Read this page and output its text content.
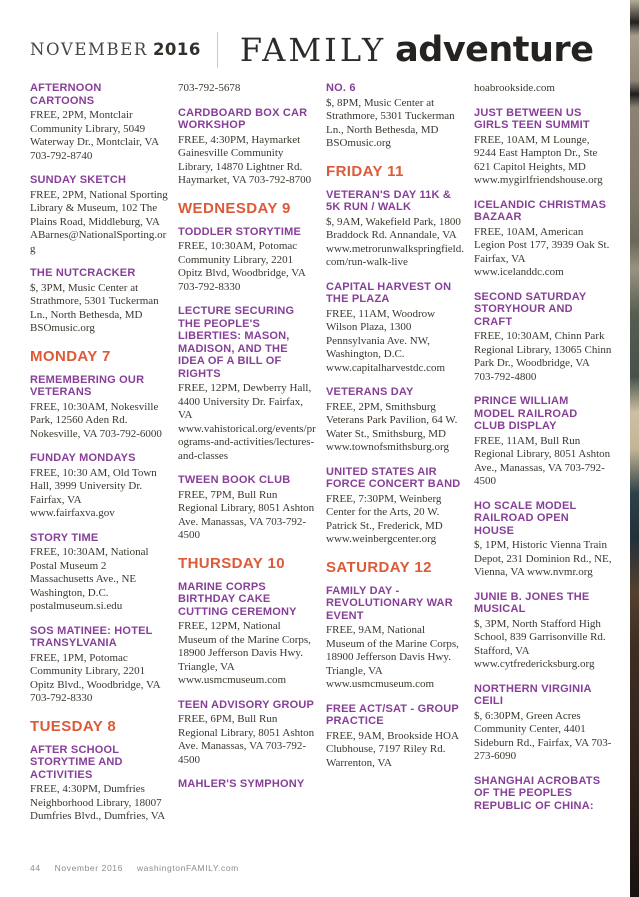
NOVEMBER 2016 FAMILY adventure
AFTERNOON CARTOONS
FREE, 2PM, Montclair Community Library, 5049 Waterway Dr., Montclair, VA 703-792-8740
SUNDAY SKETCH
FREE, 2PM, National Sporting Library & Museum, 102 The Plains Road, Middleburg, VA ABarnes@NationalSporting.org
THE NUTCRACKER
$, 3PM, Music Center at Strathmore, 5301 Tuckerman Ln., North Bethesda, MD BSOmusic.org
MONDAY 7
REMEMBERING OUR VETERANS
FREE, 10:30AM, Nokesville Park, 12560 Aden Rd. Nokesville, VA 703-792-6000
FUNDAY MONDAYS
FREE, 10:30 AM, Old Town Hall, 3999 University Dr. Fairfax, VA www.fairfaxva.gov
STORY TIME
FREE, 10:30AM, National Postal Museum 2 Massachusetts Ave., NE Washington, D.C. postalmuseum.si.edu
SOS MATINEE: HOTEL TRANSYLVANIA
FREE, 1PM, Potomac Community Library, 2201 Opitz Blvd., Woodbridge, VA 703-792-8330
TUESDAY 8
AFTER SCHOOL STORYTIME AND ACTIVITIES
FREE, 4:30PM, Dumfries Neighborhood Library, 18007 Dumfries Blvd., Dumfries, VA
703-792-5678
CARDBOARD BOX CAR WORKSHOP
FREE, 4:30PM, Haymarket Gainesville Community Library, 14870 Lightner Rd. Haymarket, VA 703-792-8700
WEDNESDAY 9
TODDLER STORYTIME
FREE, 10:30AM, Potomac Community Library, 2201 Opitz Blvd, Woodbridge, VA 703-792-8330
LECTURE SECURING THE PEOPLE'S LIBERTIES: MASON, MADISON, AND THE IDEA OF A BILL OF RIGHTS
FREE, 12PM, Dewberry Hall, 4400 University Dr. Fairfax, VA www.vahistorical.org/events/programs-and-activities/lectures-and-classes
TWEEN BOOK CLUB
FREE, 7PM, Bull Run Regional Library, 8051 Ashton Ave. Manassas, VA 703-792-4500
THURSDAY 10
MARINE CORPS BIRTHDAY CAKE CUTTING CEREMONY
FREE, 12PM, National Museum of the Marine Corps, 18900 Jefferson Davis Hwy. Triangle, VA www.usmcmuseum.com
TEEN ADVISORY GROUP
FREE, 6PM, Bull Run Regional Library, 8051 Ashton Ave. Manassas, VA 703-792-4500
MAHLER'S SYMPHONY
NO. 6
$, 8PM, Music Center at Strathmore, 5301 Tuckerman Ln., North Bethesda, MD BSOmusic.org
FRIDAY 11
VETERAN'S DAY 11K & 5K RUN / WALK
$, 9AM, Wakefield Park, 1800 Braddock Rd. Annandale, VA www.metrorunwalkspringfield.com/run-walk-live
CAPITAL HARVEST ON THE PLAZA
FREE, 11AM, Woodrow Wilson Plaza, 1300 Pennsylvania Ave. NW, Washington, D.C. www.capitalharvestdc.com
VETERANS DAY
FREE, 2PM, Smithsburg Veterans Park Pavilion, 64 W. Water St., Smithsburg, MD www.townofsmithsburg.org
UNITED STATES AIR FORCE CONCERT BAND
FREE, 7:30PM, Weinberg Center for the Arts, 20 W. Patrick St., Frederick, MD www.weinbergcenter.org
SATURDAY 12
FAMILY DAY - REVOLUTIONARY WAR EVENT
FREE, 9AM, National Museum of the Marine Corps, 18900 Jefferson Davis Hwy. Triangle, VA www.usmcmuseum.com
FREE ACT/SAT - GROUP PRACTICE
FREE, 9AM, Brookside HOA Clubhouse, 7197 Riley Rd. Warrenton, VA
hoabrookside.com
JUST BETWEEN US GIRLS TEEN SUMMIT
FREE, 10AM, M Lounge, 9244 East Hampton Dr., Ste 621 Capitol Heights, MD www.mygirlfriendshouse.org
ICELANDIC CHRISTMAS BAZAAR
FREE, 10AM, American Legion Post 177, 3939 Oak St. Fairfax, VA www.icelanddc.com
SECOND SATURDAY STORYHOUR AND CRAFT
FREE, 10:30AM, Chinn Park Regional Library, 13065 Chinn Park Dr., Woodbridge, VA 703-792-4800
PRINCE WILLIAM MODEL RAILROAD CLUB DISPLAY
FREE, 11AM, Bull Run Regional Library, 8051 Ashton Ave., Manassas, VA 703-792-4500
HO SCALE MODEL RAILROAD OPEN HOUSE
$, 1PM, Historic Vienna Train Depot, 231 Dominion Rd., NE, Vienna, VA www.nvmr.org
JUNIE B. JONES THE MUSICAL
$, 3PM, North Stafford High School, 839 Garrisonville Rd. Stafford, VA www.cytfredericksburg.org
NORTHERN VIRGINIA CEILI
$, 6:30PM, Green Acres Community Center, 4401 Sideburn Rd., Fairfax, VA 703-273-6090
SHANGHAI ACROBATS OF THE PEOPLES REPUBLIC OF CHINA:
44 November 2016 washingtonFAMILY.com
